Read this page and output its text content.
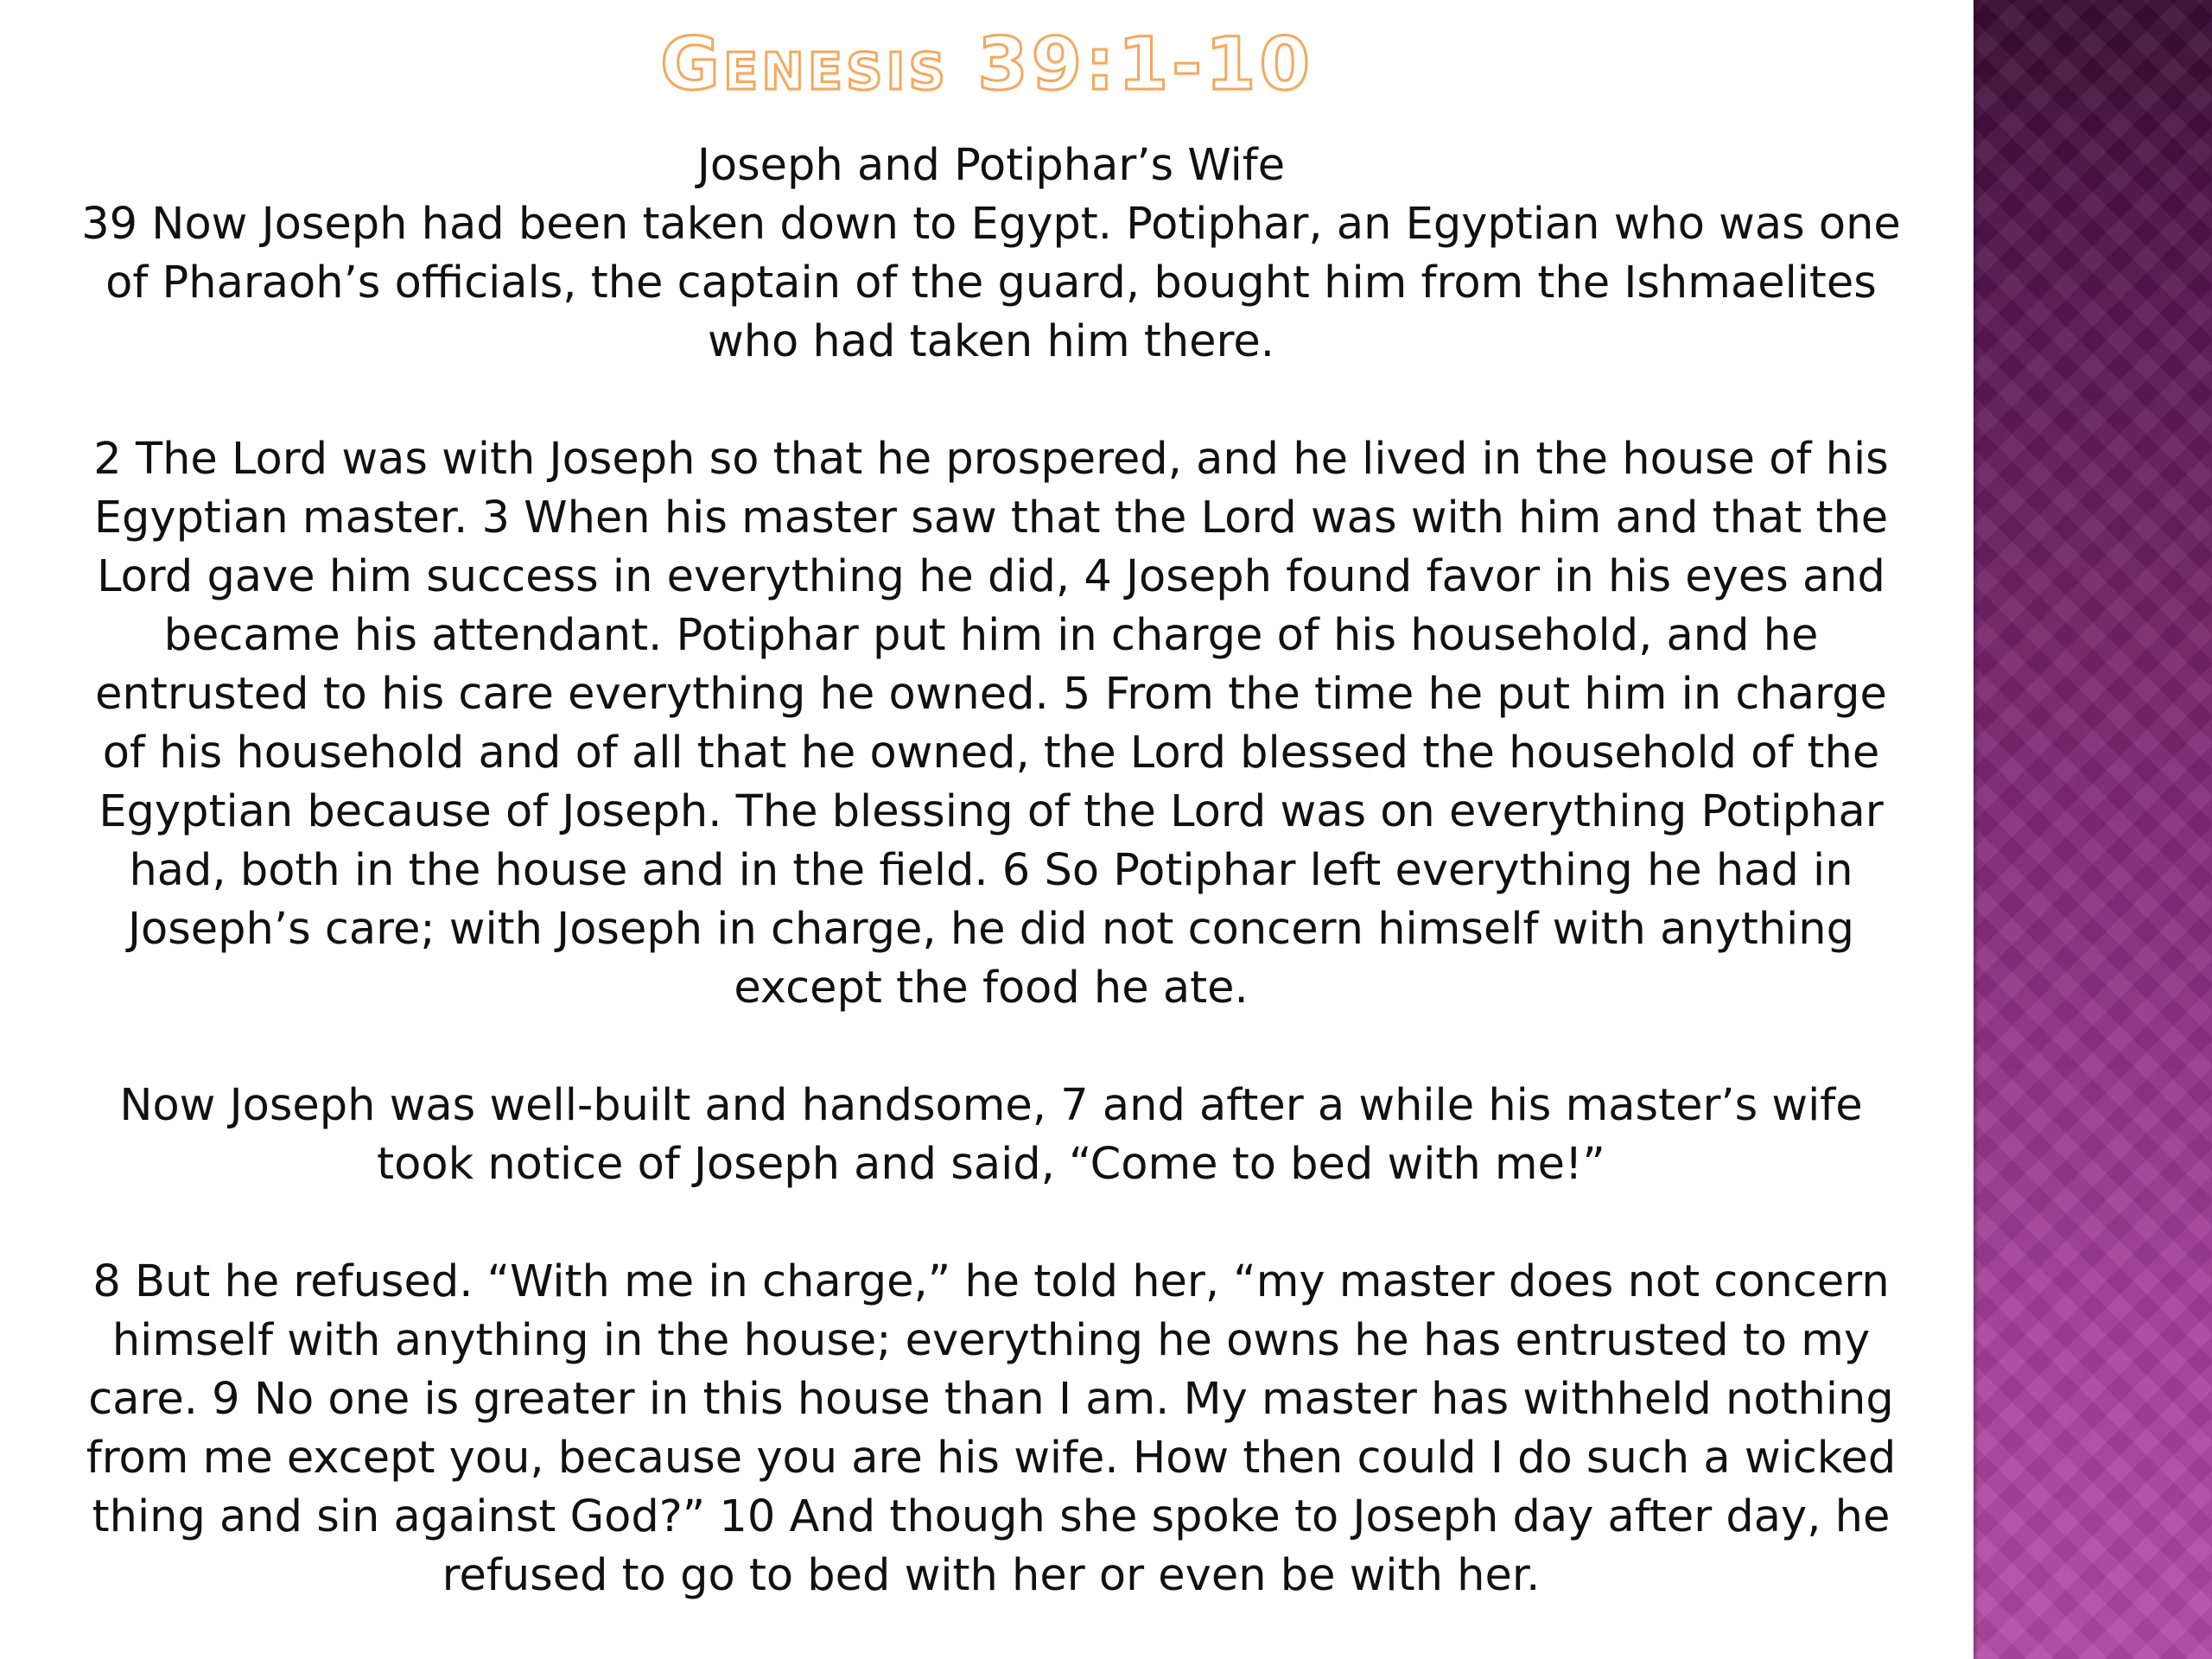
Genesis 39:1-10

Joseph and Potiphar’s Wife

39 Now Joseph had been taken down to Egypt. Potiphar, an Egyptian who was one of Pharaoh’s officials, the captain of the guard, bought him from the Ishmaelites who had taken him there.

2 The Lord was with Joseph so that he prospered, and he lived in the house of his Egyptian master. 3 When his master saw that the Lord was with him and that the Lord gave him success in everything he did, 4 Joseph found favor in his eyes and became his attendant. Potiphar put him in charge of his household, and he entrusted to his care everything he owned. 5 From the time he put him in charge of his household and of all that he owned, the Lord blessed the household of the Egyptian because of Joseph. The blessing of the Lord was on everything Potiphar had, both in the house and in the field. 6 So Potiphar left everything he had in Joseph’s care; with Joseph in charge, he did not concern himself with anything except the food he ate.

Now Joseph was well-built and handsome, 7 and after a while his master’s wife took notice of Joseph and said, “Come to bed with me!”

8 But he refused. “With me in charge,” he told her, “my master does not concern himself with anything in the house; everything he owns he has entrusted to my care. 9 No one is greater in this house than I am. My master has withheld nothing from me except you, because you are his wife. How then could I do such a wicked thing and sin against God?” 10 And though she spoke to Joseph day after day, he refused to go to bed with her or even be with her.
